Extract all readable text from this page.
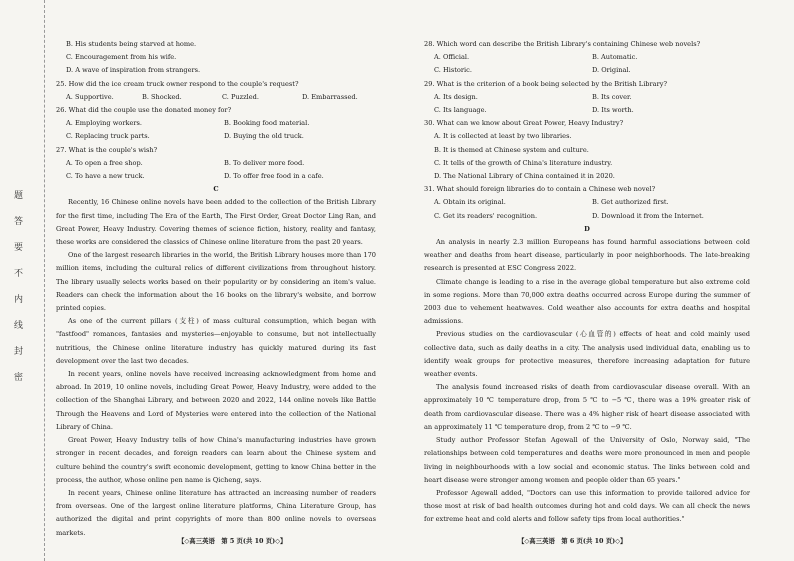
题
答
要
不
内
线
封
密
B. His students being starved at home.
C. Encouragement from his wife.
D. A wave of inspiration from strangers.
25. How did the ice cream truck owner respond to the couple's request?
A. Supportive.	B. Shocked.	C. Puzzled.	D. Embarrassed.
26. What did the couple use the donated money for?
A. Employing workers.	B. Booking food material.
C. Replacing truck parts.	D. Buying the old truck.
27. What is the couple's wish?
A. To open a free shop.	B. To deliver more food.
C. To have a new truck.	D. To offer free food in a cafe.
C
Recently, 16 Chinese online novels have been added to the collection of the British Library for the first time, including The Era of the Earth, The First Order, Great Doctor Ling Ran, and Great Power, Heavy Industry. Covering themes of science fiction, history, reality and fantasy, these works are considered the classics of Chinese online literature from the past 20 years.
One of the largest research libraries in the world, the British Library houses more than 170 million items, including the cultural relics of different civilizations from throughout history. The library usually selects works based on their popularity or by considering an item's value. Readers can check the information about the 16 books on the library's website, and borrow printed copies.
As one of the current pillars (支柱) of mass cultural consumption, which began with "fastfood" romances, fantasies and mysteries—enjoyable to consume, but not intellectually nutritious, the Chinese online literature industry has quickly matured during its fast development over the last two decades.
In recent years, online novels have received increasing acknowledgment from home and abroad. In 2019, 10 online novels, including Great Power, Heavy Industry, were added to the collection of the Shanghai Library, and between 2020 and 2022, 144 online novels like Battle Through the Heavens and Lord of Mysteries were entered into the collection of the National Library of China.
Great Power, Heavy Industry tells of how China's manufacturing industries have grown stronger in recent decades, and foreign readers can learn about the Chinese system and culture behind the country's swift economic development, getting to know China better in the process, the author, whose online pen name is Qicheng, says.
In recent years, Chinese online literature has attracted an increasing number of readers from overseas. One of the largest online literature platforms, China Literature Group, has authorized the digital and print copyrights of more than 800 online novels to overseas markets.
28. Which word can describe the British Library's containing Chinese web novels?
A. Official.	B. Automatic.
C. Historic.	D. Original.
29. What is the criterion of a book being selected by the British Library?
A. Its design.	B. Its cover.
C. Its language.	D. Its worth.
30. What can we know about Great Power, Heavy Industry?
A. It is collected at least by two libraries.
B. It is themed at Chinese system and culture.
C. It tells of the growth of China's literature industry.
D. The National Library of China contained it in 2020.
31. What should foreign libraries do to contain a Chinese web novel?
A. Obtain its original.	B. Get authorized first.
C. Get its readers' recognition.	D. Download it from the Internet.
D
An analysis in nearly 2.3 million Europeans has found harmful associations between cold weather and deaths from heart disease, particularly in poor neighborhoods. The late-breaking research is presented at ESC Congress 2022.
Climate change is leading to a rise in the average global temperature but also extreme cold in some regions. More than 70,000 extra deaths occurred across Europe during the summer of 2003 due to vehement heatwaves. Cold weather also accounts for extra deaths and hospital admissions.
Previous studies on the cardiovascular (心血管的) effects of heat and cold mainly used collective data, such as daily deaths in a city. The analysis used individual data, enabling us to identify weak groups for protective measures, therefore increasing adaptation for future weather events.
The analysis found increased risks of death from cardiovascular disease overall. With an approximately 10 ℃ temperature drop, from 5 ℃ to −5 ℃, there was a 19% greater risk of death from cardiovascular disease. There was a 4% higher risk of heart disease associated with an approximately 11 ℃ temperature drop, from 2 ℃ to −9 ℃.
Study author Professor Stefan Agewall of the University of Oslo, Norway said, "The relationships between cold temperatures and deaths were more pronounced in men and people living in neighbourhoods with a low social and economic status. The links between cold and heart disease were stronger among women and people older than 65 years."
Professor Agewall added, "Doctors can use this information to provide tailored advice for those most at risk of bad health outcomes during hot and cold days. We can all check the news for extreme heat and cold alerts and follow safety tips from local authorities."
【◇高三英语　第 5 页(共 10 页)◇】	【◇高三英语　第 6 页(共 10 页)◇】
